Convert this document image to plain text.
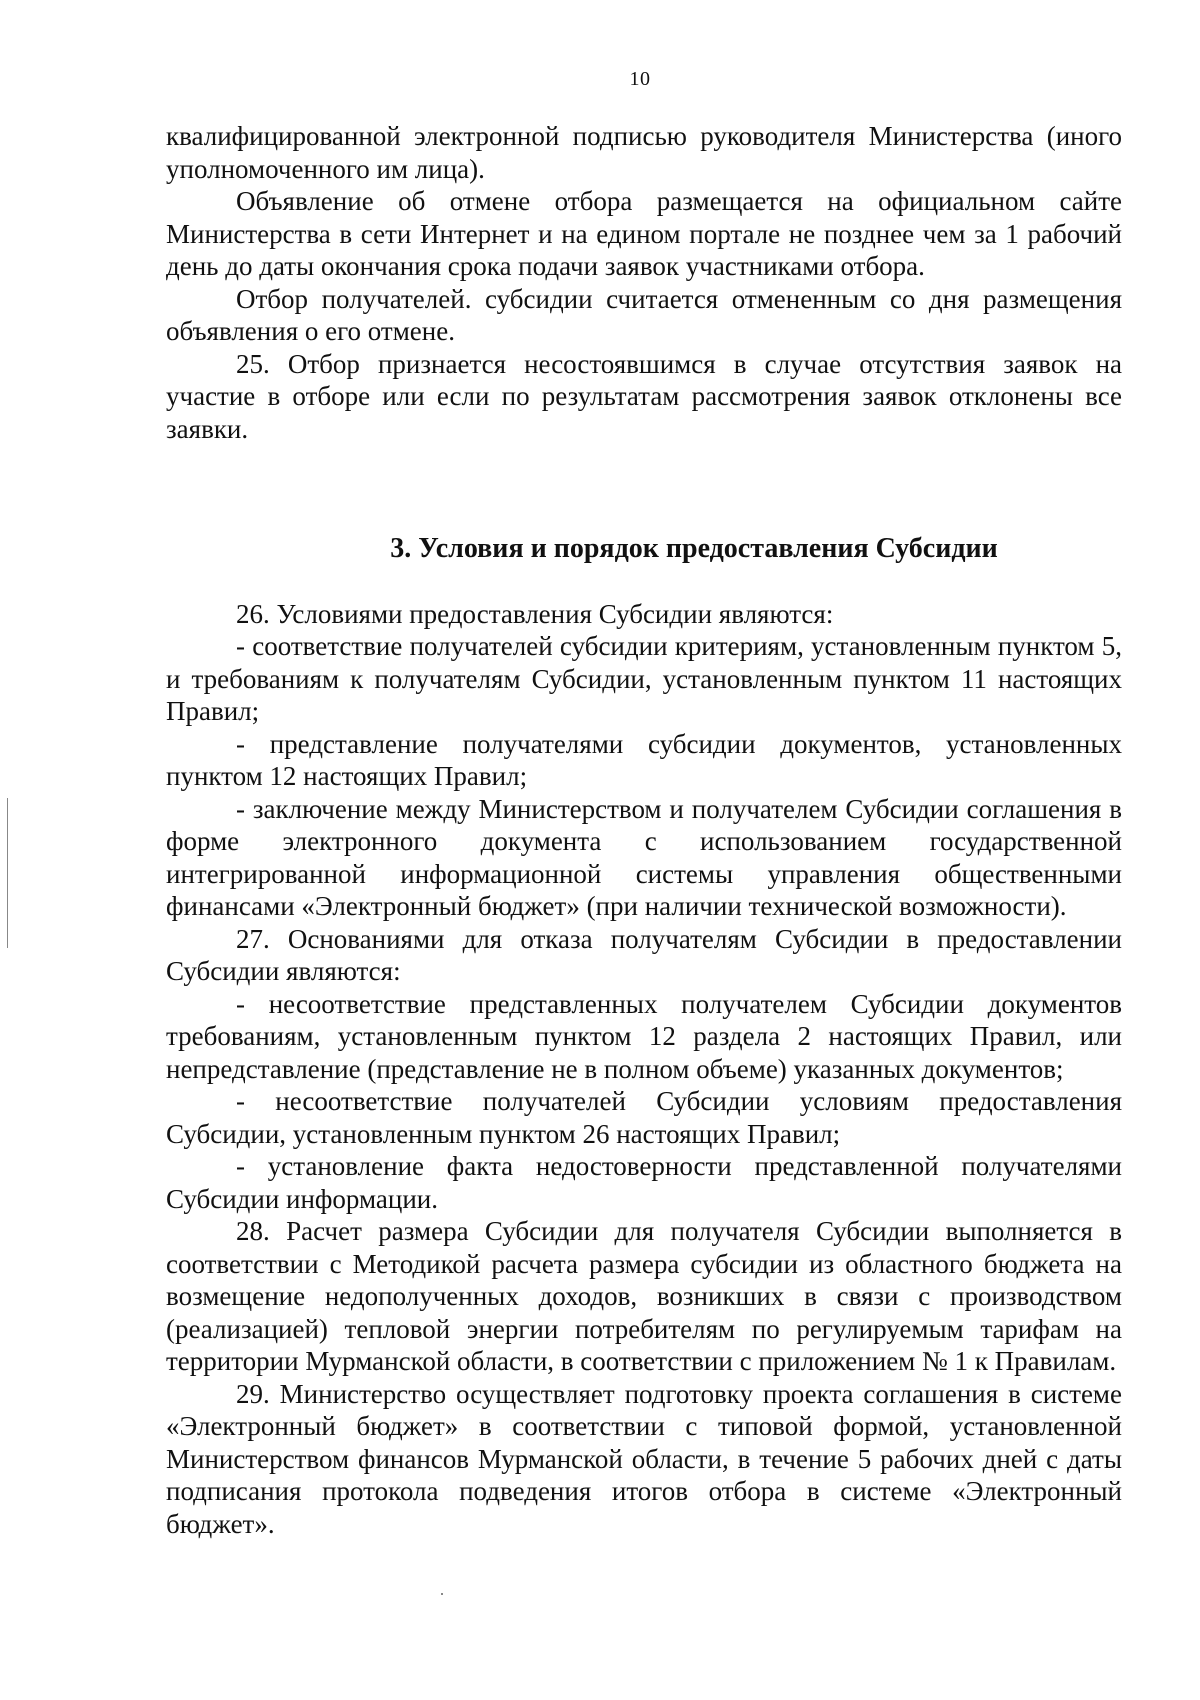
10

квалифицированной электронной подписью руководителя Министерства (иного уполномоченного им лица).

Объявление об отмене отбора размещается на официальном сайте Министерства в сети Интернет и на едином портале не позднее чем за 1 рабочий день до даты окончания срока подачи заявок участниками отбора.

Отбор получателей. субсидии считается отмененным со дня размещения объявления о его отмене.

25. Отбор признается несостоявшимся в случае отсутствия заявок на участие в отборе или если по результатам рассмотрения заявок отклонены все заявки.

3. Условия и порядок предоставления Субсидии

26. Условиями предоставления Субсидии являются:

- соответствие получателей субсидии критериям, установленным пунктом 5, и требованиям к получателям Субсидии, установленным пунктом 11 настоящих Правил;

- представление получателями субсидии документов, установленных пунктом 12 настоящих Правил;

- заключение между Министерством и получателем Субсидии соглашения в форме электронного документа с использованием государственной интегрированной информационной системы управления общественными финансами «Электронный бюджет» (при наличии технической возможности).

27. Основаниями для отказа получателям Субсидии в предоставлении Субсидии являются:

- несоответствие представленных получателем Субсидии документов требованиям, установленным пунктом 12 раздела 2 настоящих Правил, или непредставление (представление не в полном объеме) указанных документов;

- несоответствие получателей Субсидии условиям предоставления Субсидии, установленным пунктом 26 настоящих Правил;

- установление факта недостоверности представленной получателями Субсидии информации.

28. Расчет размера Субсидии для получателя Субсидии выполняется в соответствии с Методикой расчета размера субсидии из областного бюджета на возмещение недополученных доходов, возникших в связи с производством (реализацией) тепловой энергии потребителям по регулируемым тарифам на территории Мурманской области, в соответствии с приложением № 1 к Правилам.

29. Министерство осуществляет подготовку проекта соглашения в системе «Электронный бюджет» в соответствии с типовой формой, установленной Министерством финансов Мурманской области, в течение 5 рабочих дней с даты подписания протокола подведения итогов отбора в системе «Электронный бюджет».
